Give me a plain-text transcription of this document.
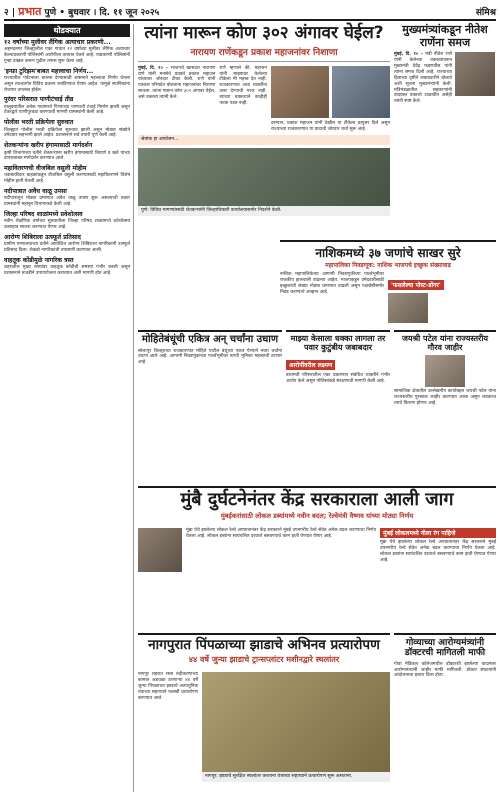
२ | प्रभात पुणे • बुधवार । दि. ११ जून २०२५	संमिश्र
थोडक्यात
१२ वर्षांच्या मुलीवर लैंगिक अत्याचार प्रकरणी...
अहमदनगर जिल्ह्यातील एका गावात १२ वर्षांच्या मुलीवर लैंगिक अत्याचार केल्याप्रकरणी पोलिसांनी आरोपीला ताब्यात घेतले आहे. याप्रकरणी पोलिसांनी गुन्हा दाखल करून पुढील तपास सुरू केला आहे.
'इन्फ्रा टुरिझम'बाबत महत्त्वाचा निर्णय...
राज्यातील पर्यटनाला चालना देण्यासाठी शासनाने महत्त्वाचा निर्णय घेतला असून त्याअंतर्गत विविध प्रकल्प राबविण्यात येणार आहेत. यामुळे स्थानिकांना रोजगार उपलब्ध होईल.
पुरंदर परिसरात पाणीटंचाई तीव्र
तालुक्यातील अनेक गावांमध्ये पिण्याच्या पाण्याची टंचाई निर्माण झाली असून टँकरद्वारे पाणीपुरवठा करण्याची मागणी ग्रामस्थांनी केली आहे.
पोलीस भरती प्रक्रियेला सुरुवात
जिल्ह्यात पोलीस भरती प्रक्रियेला सुरुवात झाली असून मोठ्या संख्येने उमेदवार सहभागी झाले आहेत. प्रशासनाने सर्व तयारी पूर्ण केली आहे.
शेतकऱ्यांना खरीप हंगामासाठी मार्गदर्शन
कृषी विभागाच्या वतीने शेतकऱ्यांना खरीप हंगामासाठी बियाणे व खते यांच्या वापराबाबत मार्गदर्शन करण्यात आले.
महावितरणची वीजबिल वसुली मोहीम
थकबाकीदार ग्राहकांकडून वीजबिल वसुली करण्यासाठी महावितरणने विशेष मोहीम हाती घेतली आहे.
नदीपात्रात अवैध वाळू उपसा
नदीपात्रातून मोठ्या प्रमाणात अवैध वाळू उपसा सुरू असल्याची तक्रार ग्रामस्थांनी महसूल विभागाकडे केली आहे.
जिल्हा परिषद शाळांमध्ये प्रवेशोत्सव
नवीन शैक्षणिक वर्षाच्या सुरुवातीला जिल्हा परिषद शाळांमध्ये प्रवेशोत्सव उत्साहात साजरा करण्यात येणार आहे.
आरोग्य शिबिराला उत्स्फूर्त प्रतिसाद
ग्रामीण रुग्णालयाच्या वतीने आयोजित आरोग्य शिबिराला नागरिकांनी उत्स्फूर्त प्रतिसाद दिला. शेकडो नागरिकांची तपासणी करण्यात आली.
वाहतूक कोंडीमुळे नागरिक त्रस्त
शहरातील मुख्य रस्त्यांवर वाहतूक कोंडीची समस्या गंभीर बनली असून प्रशासनाने तातडीने उपाययोजना कराव्यात अशी मागणी होत आहे.
त्यांना मारून कोण ३०२ अंगावर घेईल?
नारायण राणेंकडून प्रकाश महाजनांवर निशाणा
मुंबई, दि. १० – भाजपचे खासदार नारायण राणे यांनी मनसेचे प्रवक्ते प्रकाश महाजन यांच्यावर जोरदार टीका केली. राणे यांनी पत्रकार परिषदेत बोलताना महाजनांवर निशाणा साधला. त्यांना मारून कोण ३०२ अंगावर घेईल, असे वक्तव्य त्यांनी केले.
राणे म्हणाले की, महाजन यांनी माझ्यावर केलेल्या टीकेला मी महत्त्व देत नाही. राजकारणात अशा व्यक्तींना उत्तर देण्याची गरज नाही. त्यांच्या वक्तव्याने काहीही फरक पडत नाही.
दरम्यान, प्रकाश महाजन यांनी देखील या टीकेला प्रत्युत्तर दिले असून राज्याच्या राजकारणात या वादाची जोरदार चर्चा सुरू आहे.
श्रेयांक हा आयोजन...
पुणे: विविध मागण्यांसाठी शेतकऱ्यांनी जिल्हाधिकारी कार्यालयासमोर निदर्शने केली.
मुख्यमंत्र्यांकडून नीतेश राणेंना समज
मुंबई, दि. १० – मंत्री नीतेश राणे यांनी केलेल्या वक्तव्यांवरून मुख्यमंत्री देवेंद्र फडणवीस यांनी त्यांना समज दिली आहे. राज्याच्या हिताच्या दृष्टीने जबाबदारीने बोलावे अशी सूचना मुख्यमंत्र्यांनी केली. मंत्रिमंडळातील सहकाऱ्यांनी वादग्रस्त वक्तव्ये टाळावीत असेही त्यांनी स्पष्ट केले.
नाशिकमध्ये ३७ जणांचे साखर सुरे
महापालिका निवडणूक: नाशिक भाजपचे इच्छुक संख्यावाढ
नाशिक महापालिकेच्या आगामी निवडणुकीच्या पार्श्वभूमीवर राजकीय हालचाली वाढल्या आहेत. भाजपकडून उमेदवारीसाठी इच्छुकांची संख्या मोठ्या प्रमाणात वाढली असून पक्षश्रेष्ठींसमोर निवड करण्याचे आव्हान आहे.
'फसलेल्या पोस्ट-डोंगर'
मोहितेबंधूंची एकित्र अन् चर्चांना उधाण
सोलापूर जिल्ह्याच्या राजकारणात मोहिते पाटील बंधूंच्या एकत्र येण्याने नव्या चर्चांना उधाण आले आहे. आगामी निवडणुकांच्या पार्श्वभूमीवर त्यांची भूमिका महत्त्वाची ठरणार आहे.
माझ्या केसाला धक्का लागला तर पवार कुटुंबीय जबाबदार
आरोपींवरील लक्ष्मण
बारामती परिसरातील एका प्रकरणात संबंधित व्यक्तीने गंभीर आरोप केले असून पोलिसांकडे संरक्षणाची मागणी केली आहे.
जयश्री पटेल यांना राज्यस्तरीय गौरव जाहीर
सामाजिक क्षेत्रातील उल्लेखनीय कार्याबद्दल जयश्री पटेल यांना राज्यस्तरीय पुरस्कार जाहीर करण्यात आला असून लवकरच त्याचे वितरण होणार आहे.
मुंबै दुर्घटनेनंतर केंद्र सरकाराला आली जाग
मुंबईकरांसाठी लोकल डब्यांमध्ये नवीन बदल; रेल्वेमंत्री वैष्णव यांच्या मोठ्या निर्णय
मुंब्रा येथे झालेल्या लोकल रेल्वे अपघातानंतर केंद्र सरकारने मुंबई उपनगरीय रेल्वे सेवेत अनेक बदल करण्याचा निर्णय घेतला आहे. लोकल डब्यांना स्वयंचलित दरवाजे बसवण्याचे काम हाती घेण्यात येणार आहे.	मुंबई लोकलमध्ये नीला रंग पाहिजे
मुंब्रा येथे झालेल्या लोकल रेल्वे अपघातानंतर केंद्र सरकारने मुंबई उपनगरीय रेल्वे सेवेत अनेक बदल करण्याचा निर्णय घेतला आहे. लोकल डब्यांना स्वयंचलित दरवाजे बसवण्याचे काम हाती घेण्यात येणार आहे.
नागपुरात पिंपळाच्या झाडाचे अभिनव प्रत्यारोपण
४४ वर्षे जुन्या झाडाचे ट्रान्सप्लांटर मशीनद्वारे स्थलांतर
नागपूर शहरात रस्ता रुंदीकरणाच्या कामात अडथळा ठरणाऱ्या ४४ वर्षे जुन्या पिंपळाच्या झाडाचे अत्याधुनिक यंत्राच्या सहाय्याने यशस्वी प्रत्यारोपण करण्यात आले.
नागपूर: झाडाचे सुरक्षित स्थलांतर करताना यंत्राच्या सहाय्याने प्रत्यारोपण सुरू असताना.
गोव्याच्या आरोग्यमंत्र्यांनी डॉक्टरची मागितली माफी
गोवा मेडिकल कॉलेजमधील डॉक्टरशी झालेल्या वादानंतर आरोग्यमंत्र्यांनी जाहीर माफी मागितली. डॉक्टर संघटनांनी आंदोलनाचा इशारा दिला होता.
